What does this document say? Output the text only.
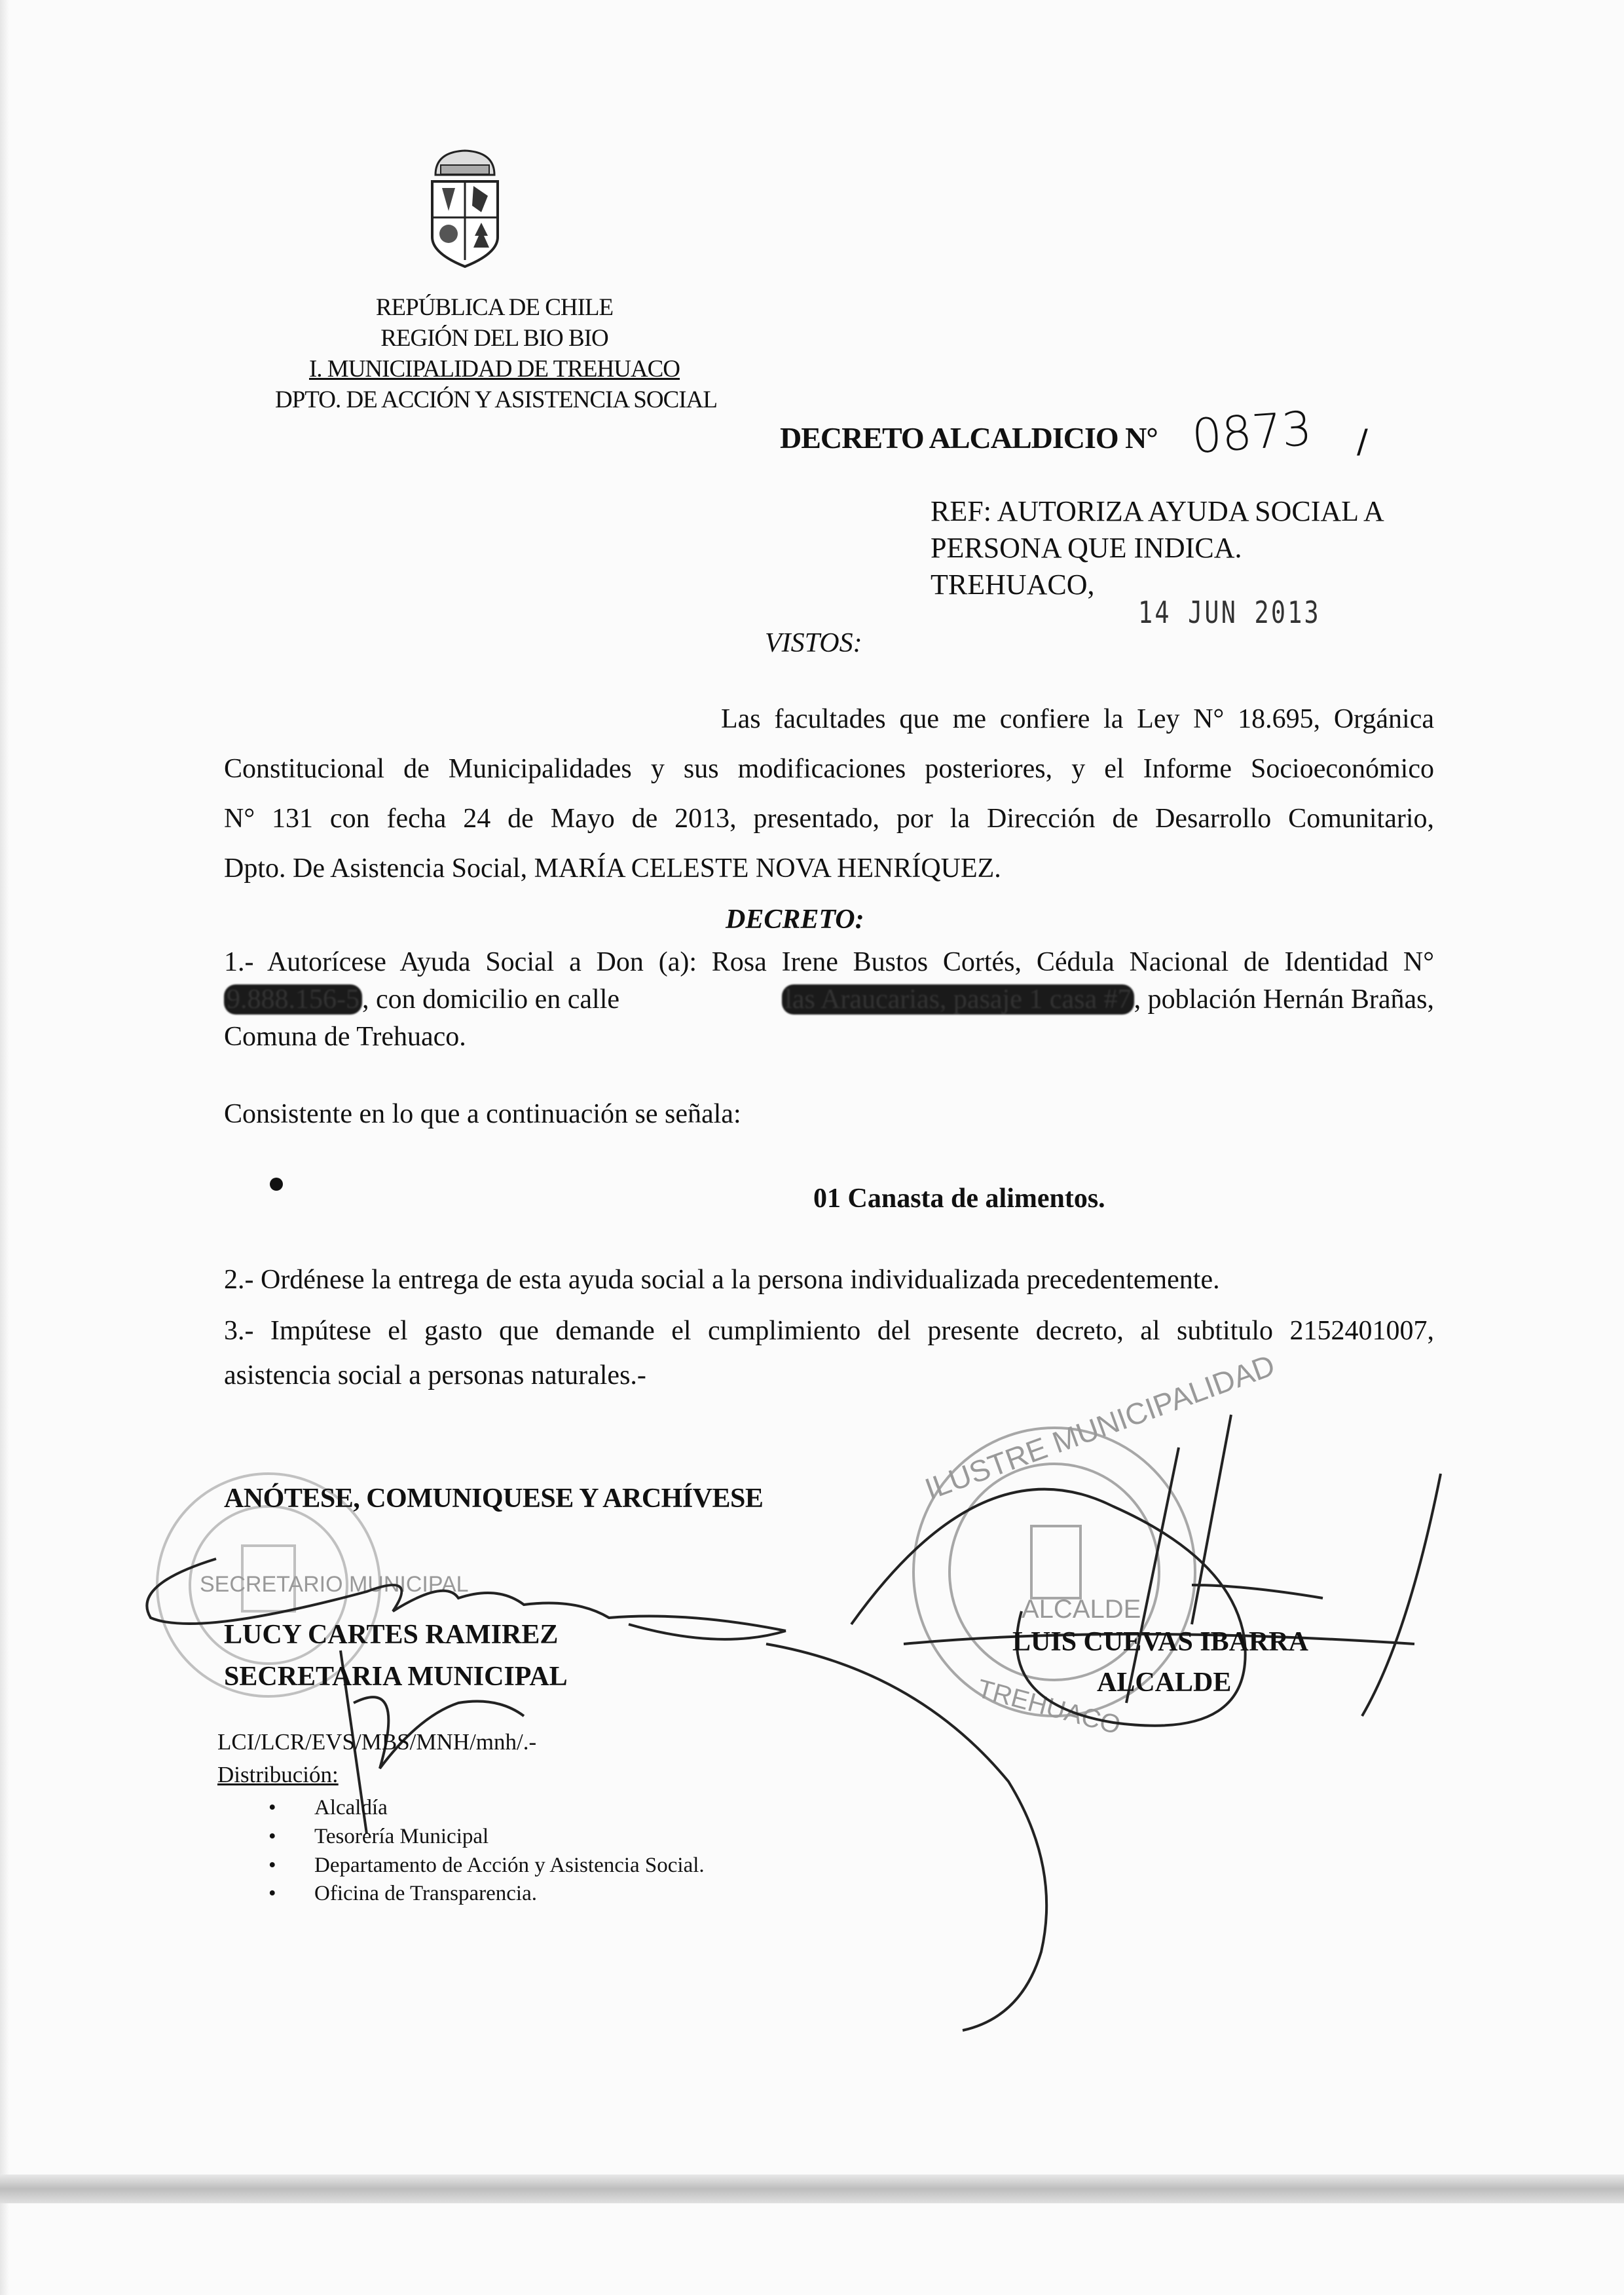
REPÚBLICA DE CHILE
REGIÓN DEL BIO BIO
I. MUNICIPALIDAD DE TREHUACO
DPTO. DE ACCIÓN Y ASISTENCIA SOCIAL
DECRETO ALCALDICIO N° 0873 /
REF: AUTORIZA AYUDA SOCIAL A
PERSONA QUE INDICA.
TREHUACO,
14 JUN 2013
VISTOS:
Las facultades que me confiere la Ley N° 18.695, Orgánica
Constitucional de Municipalidades y sus modificaciones posteriores, y el Informe Socioeconómico
N° 131 con fecha 24 de Mayo de 2013, presentado, por la Dirección de Desarrollo Comunitario,
Dpto. De Asistencia Social, MARÍA CELESTE NOVA HENRÍQUEZ.
DECRETO:
1.- Autorícese Ayuda Social a Don (a): Rosa Irene Bustos Cortés, Cédula Nacional de Identidad N°
9.888.156-5, con domicilio en calle	las Araucarias, pasaje 1 casa #7, población Hernán Brañas,
Comuna de Trehuaco.
Consistente en lo que a continuación se señala:
01 Canasta de alimentos.
2.- Ordénese la entrega de esta ayuda social a la persona individualizada precedentemente.
3.- Impútese el gasto que demande el cumplimiento del presente decreto, al subtitulo 2152401007,
asistencia social a personas naturales.-
SECRETARIO MUNICIPAL
ILUSTRE MUNICIPALIDAD
ALCALDE
TREHUACO
ANÓTESE, COMUNIQUESE Y ARCHÍVESE
LUCY CARTES RAMIREZ
SECRETARIA MUNICIPAL
LUIS CUEVAS IBARRA
ALCALDE
LCI/LCR/EVS/MBS/MNH/mnh/.-
Distribución:
• Alcaldía
• Tesorería Municipal
• Departamento de Acción y Asistencia Social.
• Oficina de Transparencia.
